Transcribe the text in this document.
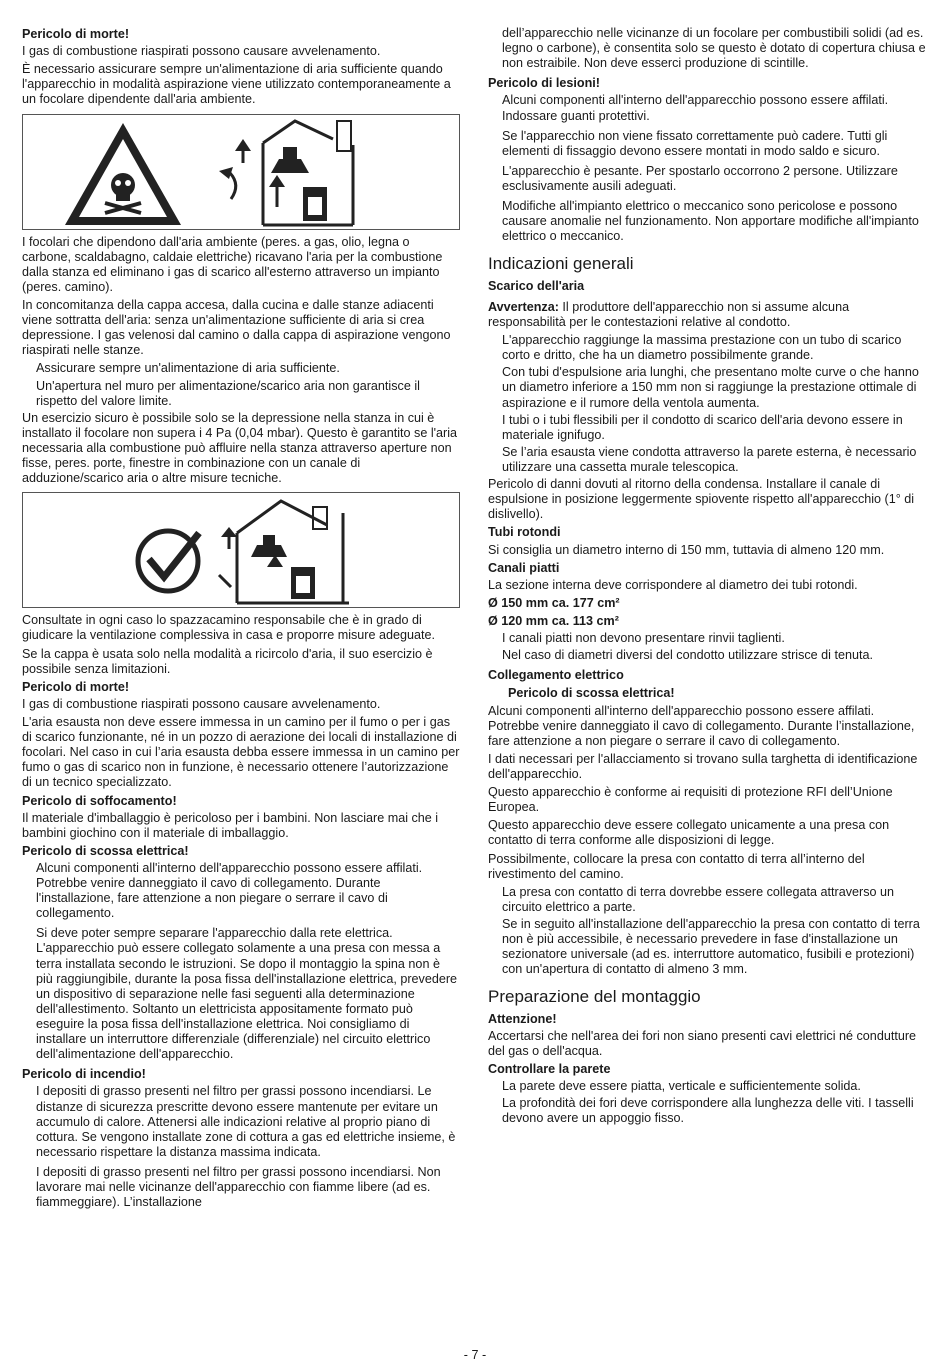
Pericolo di morte!

I gas di combustione riaspirati possono causare avvelenamento.

È necessario assicurare sempre un'alimentazione di aria sufficiente quando l'apparecchio in modalità aspirazione viene utilizzato contemporaneamente a un focolare dipendente dall'aria ambiente.

I focolari che dipendono dall'aria ambiente (peres. a gas, olio, legna o carbone, scaldabagno, caldaie elettriche) ricavano l'aria per la combustione dalla stanza ed eliminano i gas di scarico all'esterno attraverso un impianto (peres. camino).

In concomitanza della cappa accesa, dalla cucina e dalle stanze adiacenti viene sottratta dell'aria: senza un'alimentazione sufficiente di aria si crea depressione. I gas velenosi dal camino o dalla cappa di aspirazione vengono riaspirati nelle stanze.

Assicurare sempre un'alimentazione di aria sufficiente.

Un'apertura nel muro per alimentazione/scarico aria non garantisce il rispetto del valore limite.

Un esercizio sicuro è possibile solo se la depressione nella stanza in cui è installato il focolare non supera i 4 Pa (0,04 mbar). Questo è garantito se l'aria necessaria alla combustione può affluire nella stanza attraverso aperture non fisse, peres. porte, finestre in combinazione con un canale di adduzione/scarico aria o altre misure tecniche.

Consultate in ogni caso lo spazzacamino responsabile che è in grado di giudicare la ventilazione complessiva in casa e proporre misure adeguate.

Se la cappa è usata solo nella modalità a ricircolo d'aria, il suo esercizio è possibile senza limitazioni.

Pericolo di morte!

I gas di combustione riaspirati possono causare avvelenamento.

L'aria esausta non deve essere immessa in un camino per il fumo o per i gas di scarico funzionante, né in un pozzo di aerazione dei locali di installazione di focolari. Nel caso in cui l’aria esausta debba essere immessa in un camino per fumo o gas di scarico non in funzione, è necessario ottenere l’autorizzazione di un tecnico specializzato.

Pericolo di soffocamento!

Il materiale d'imballaggio è pericoloso per i bambini. Non lasciare mai che i bambini giochino con il materiale di imballaggio.

Pericolo di scossa elettrica!

Alcuni componenti all'interno dell'apparecchio possono essere affilati. Potrebbe venire danneggiato il cavo di collegamento. Durante l'installazione, fare attenzione a non piegare o serrare il cavo di collegamento.

Si deve poter sempre separare l'apparecchio dalla rete elettrica. L'apparecchio può essere collegato solamente a una presa con messa a terra installata secondo le istruzioni. Se dopo il montaggio la spina non è più raggiungibile, durante la posa fissa dell'installazione elettrica, prevedere un dispositivo di separazione nelle fasi seguenti alla determinazione dell'allestimento. Soltanto un elettricista appositamente formato può eseguire la posa fissa dell'installazione elettrica. Noi consigliamo di installare un interruttore differenziale (differenziale) nel circuito elettrico dell'alimentazione dell'apparecchio.

Pericolo di incendio!

I depositi di grasso presenti nel filtro per grassi possono incendiarsi. Le distanze di sicurezza prescritte devono essere mantenute per evitare un accumulo di calore. Attenersi alle indicazioni relative al proprio piano di cottura. Se vengono installate zone di cottura a gas ed elettriche insieme, è necessario rispettare la distanza massima indicata.

I depositi di grasso presenti nel filtro per grassi possono incendiarsi. Non lavorare mai nelle vicinanze dell'apparecchio con fiamme libere (ad es. fiammeggiare). L’installazione

dell’apparecchio nelle vicinanze di un focolare per combustibili solidi (ad es. legno o carbone), è consentita solo se questo è dotato di copertura chiusa e non estraibile. Non deve esserci produzione di scintille.

Pericolo di lesioni!

Alcuni componenti all'interno dell'apparecchio possono essere affilati. Indossare guanti protettivi.

Se l'apparecchio non viene fissato correttamente può cadere. Tutti gli elementi di fissaggio devono essere montati in modo saldo e sicuro.

L'apparecchio è pesante. Per spostarlo occorrono 2 persone. Utilizzare esclusivamente ausili adeguati.

Modifiche all'impianto elettrico o meccanico sono pericolose e possono causare anomalie nel funzionamento. Non apportare modifiche all'impianto elettrico o meccanico.

Indicazioni generali
Scarico dell'aria

Avvertenza: Il produttore dell'apparecchio non si assume alcuna responsabilità per le contestazioni relative al condotto.

L'apparecchio raggiunge la massima prestazione con un tubo di scarico corto e dritto, che ha un diametro possibilmente grande.

Con tubi d'espulsione aria lunghi, che presentano molte curve o che hanno un diametro inferiore a 150 mm non si raggiunge la prestazione ottimale di aspirazione e il rumore della ventola aumenta.

I tubi o i tubi flessibili per il condotto di scarico dell'aria devono essere in materiale ignifugo.

Se l’aria esausta viene condotta attraverso la parete esterna, è necessario utilizzare una cassetta murale telescopica.

Pericolo di danni dovuti al ritorno della condensa. Installare il canale di espulsione in posizione leggermente spiovente rispetto all'apparecchio (1° di dislivello).

Tubi rotondi

Si consiglia un diametro interno di 150 mm, tuttavia di almeno 120 mm.

Canali piatti

La sezione interna deve corrispondere al diametro dei tubi rotondi.

Ø 150 mm ca. 177 cm²
Ø 120 mm ca. 113 cm²

I canali piatti non devono presentare rinvii taglienti.

Nel caso di diametri diversi del condotto utilizzare strisce di tenuta.

Collegamento elettrico
Pericolo di scossa elettrica!

Alcuni componenti all'interno dell'apparecchio possono essere affilati. Potrebbe venire danneggiato il cavo di collegamento. Durante l’installazione, fare attenzione a non piegare o serrare il cavo di collegamento.

I dati necessari per l'allacciamento si trovano sulla targhetta di identificazione dell'apparecchio.

Questo apparecchio è conforme ai requisiti di protezione RFI dell’Unione Europea.

Questo apparecchio deve essere collegato unicamente a una presa con contatto di terra conforme alle disposizioni di legge.

Possibilmente, collocare la presa con contatto di terra all’interno del rivestimento del camino.

La presa con contatto di terra dovrebbe essere collegata attraverso un circuito elettrico a parte.

Se in seguito all'installazione dell'apparecchio la presa con contatto di terra non è più accessibile, è necessario prevedere in fase d'installazione un sezionatore universale (ad es. interruttore automatico, fusibili e protezioni) con un'apertura di contatto di almeno 3 mm.

Preparazione del montaggio
Attenzione!

Accertarsi che nell'area dei fori non siano presenti cavi elettrici né condutture del gas o dell'acqua.

Controllare la parete

La parete deve essere piatta, verticale e sufficientemente solida.

La profondità dei fori deve corrispondere alla lunghezza delle viti. I tasselli devono avere un appoggio fisso.

- 7 -
